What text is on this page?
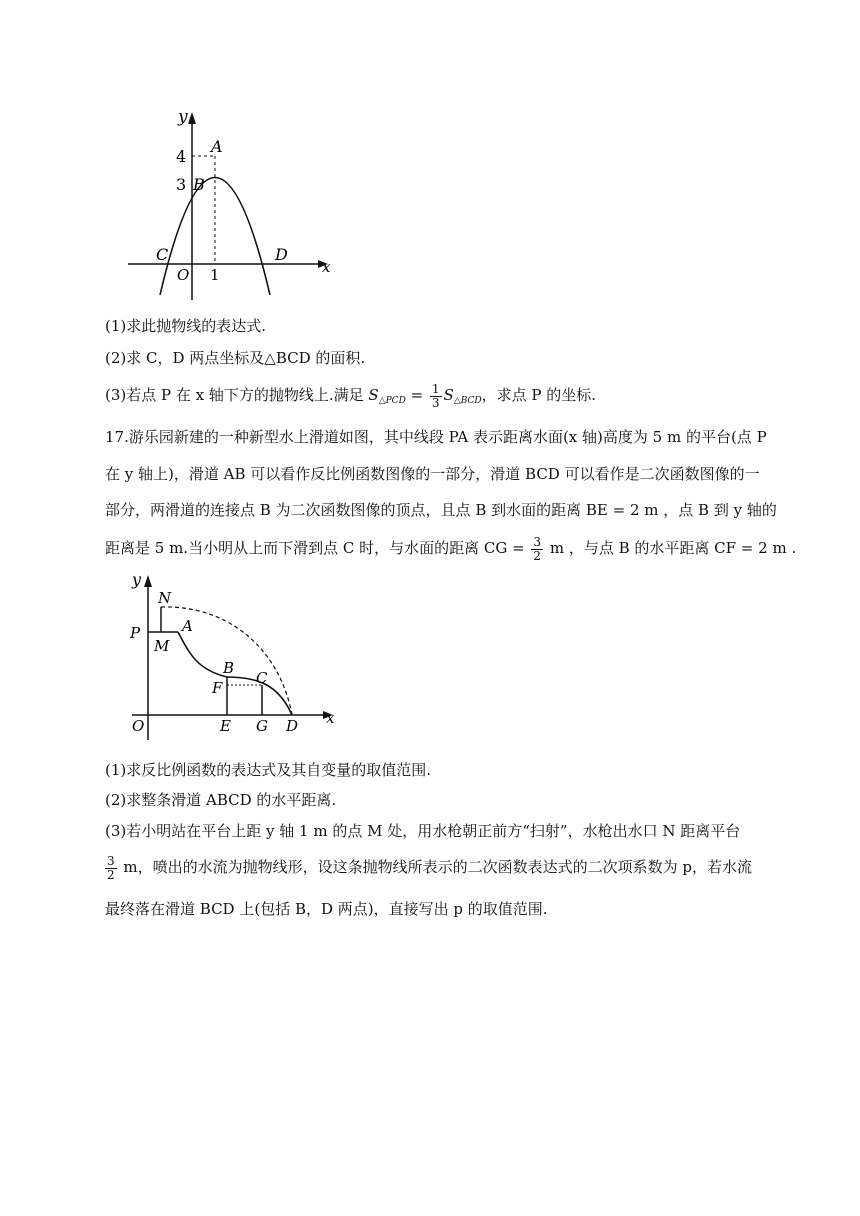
y
x
4
3
1
O
A
B
C	D
(1)求此抛物线的表达式.
(2)求 C，D 两点坐标及△BCD 的面积.
(3)若点 P 在 x 轴下方的抛物线上.满足 $S_{\triangle PCD} = \frac{1}{3} S_{\triangle BCD}$，求点 P 的坐标.
17.游乐园新建的一种新型水上滑道如图，其中线段 PA 表示距离水面(x 轴)高度为 5 m 的平台(点 P
在 y 轴上)，滑道 AB 可以看作反比例函数图像的一部分，滑道 BCD 可以看作是二次函数图像的一
部分，两滑道的连接点 B 为二次函数图像的顶点，且点 B 到水面的距离 BE = 2 m ，点 B 到 y 轴的
距离是 5 m.当小明从上而下滑到点 C 时，与水面的距离 CG = $\frac{3}{2}$ m ，与点 B 的水平距离 CF = 2 m .
y
x
O
N
P
M
A
B
F
C
E G D
(1)求反比例函数的表达式及其自变量的取值范围.
(2)求整条滑道 ABCD 的水平距离.
(3)若小明站在平台上距 y 轴 1 m 的点 M 处，用水枪朝正前方“扫射”，水枪出水口 N 距离平台
$\frac{3}{2}$ m，喷出的水流为抛物线形，设这条抛物线所表示的二次函数表达式的二次项系数为 p，若水流
最终落在滑道 BCD 上(包括 B，D 两点)，直接写出 p 的取值范围.
